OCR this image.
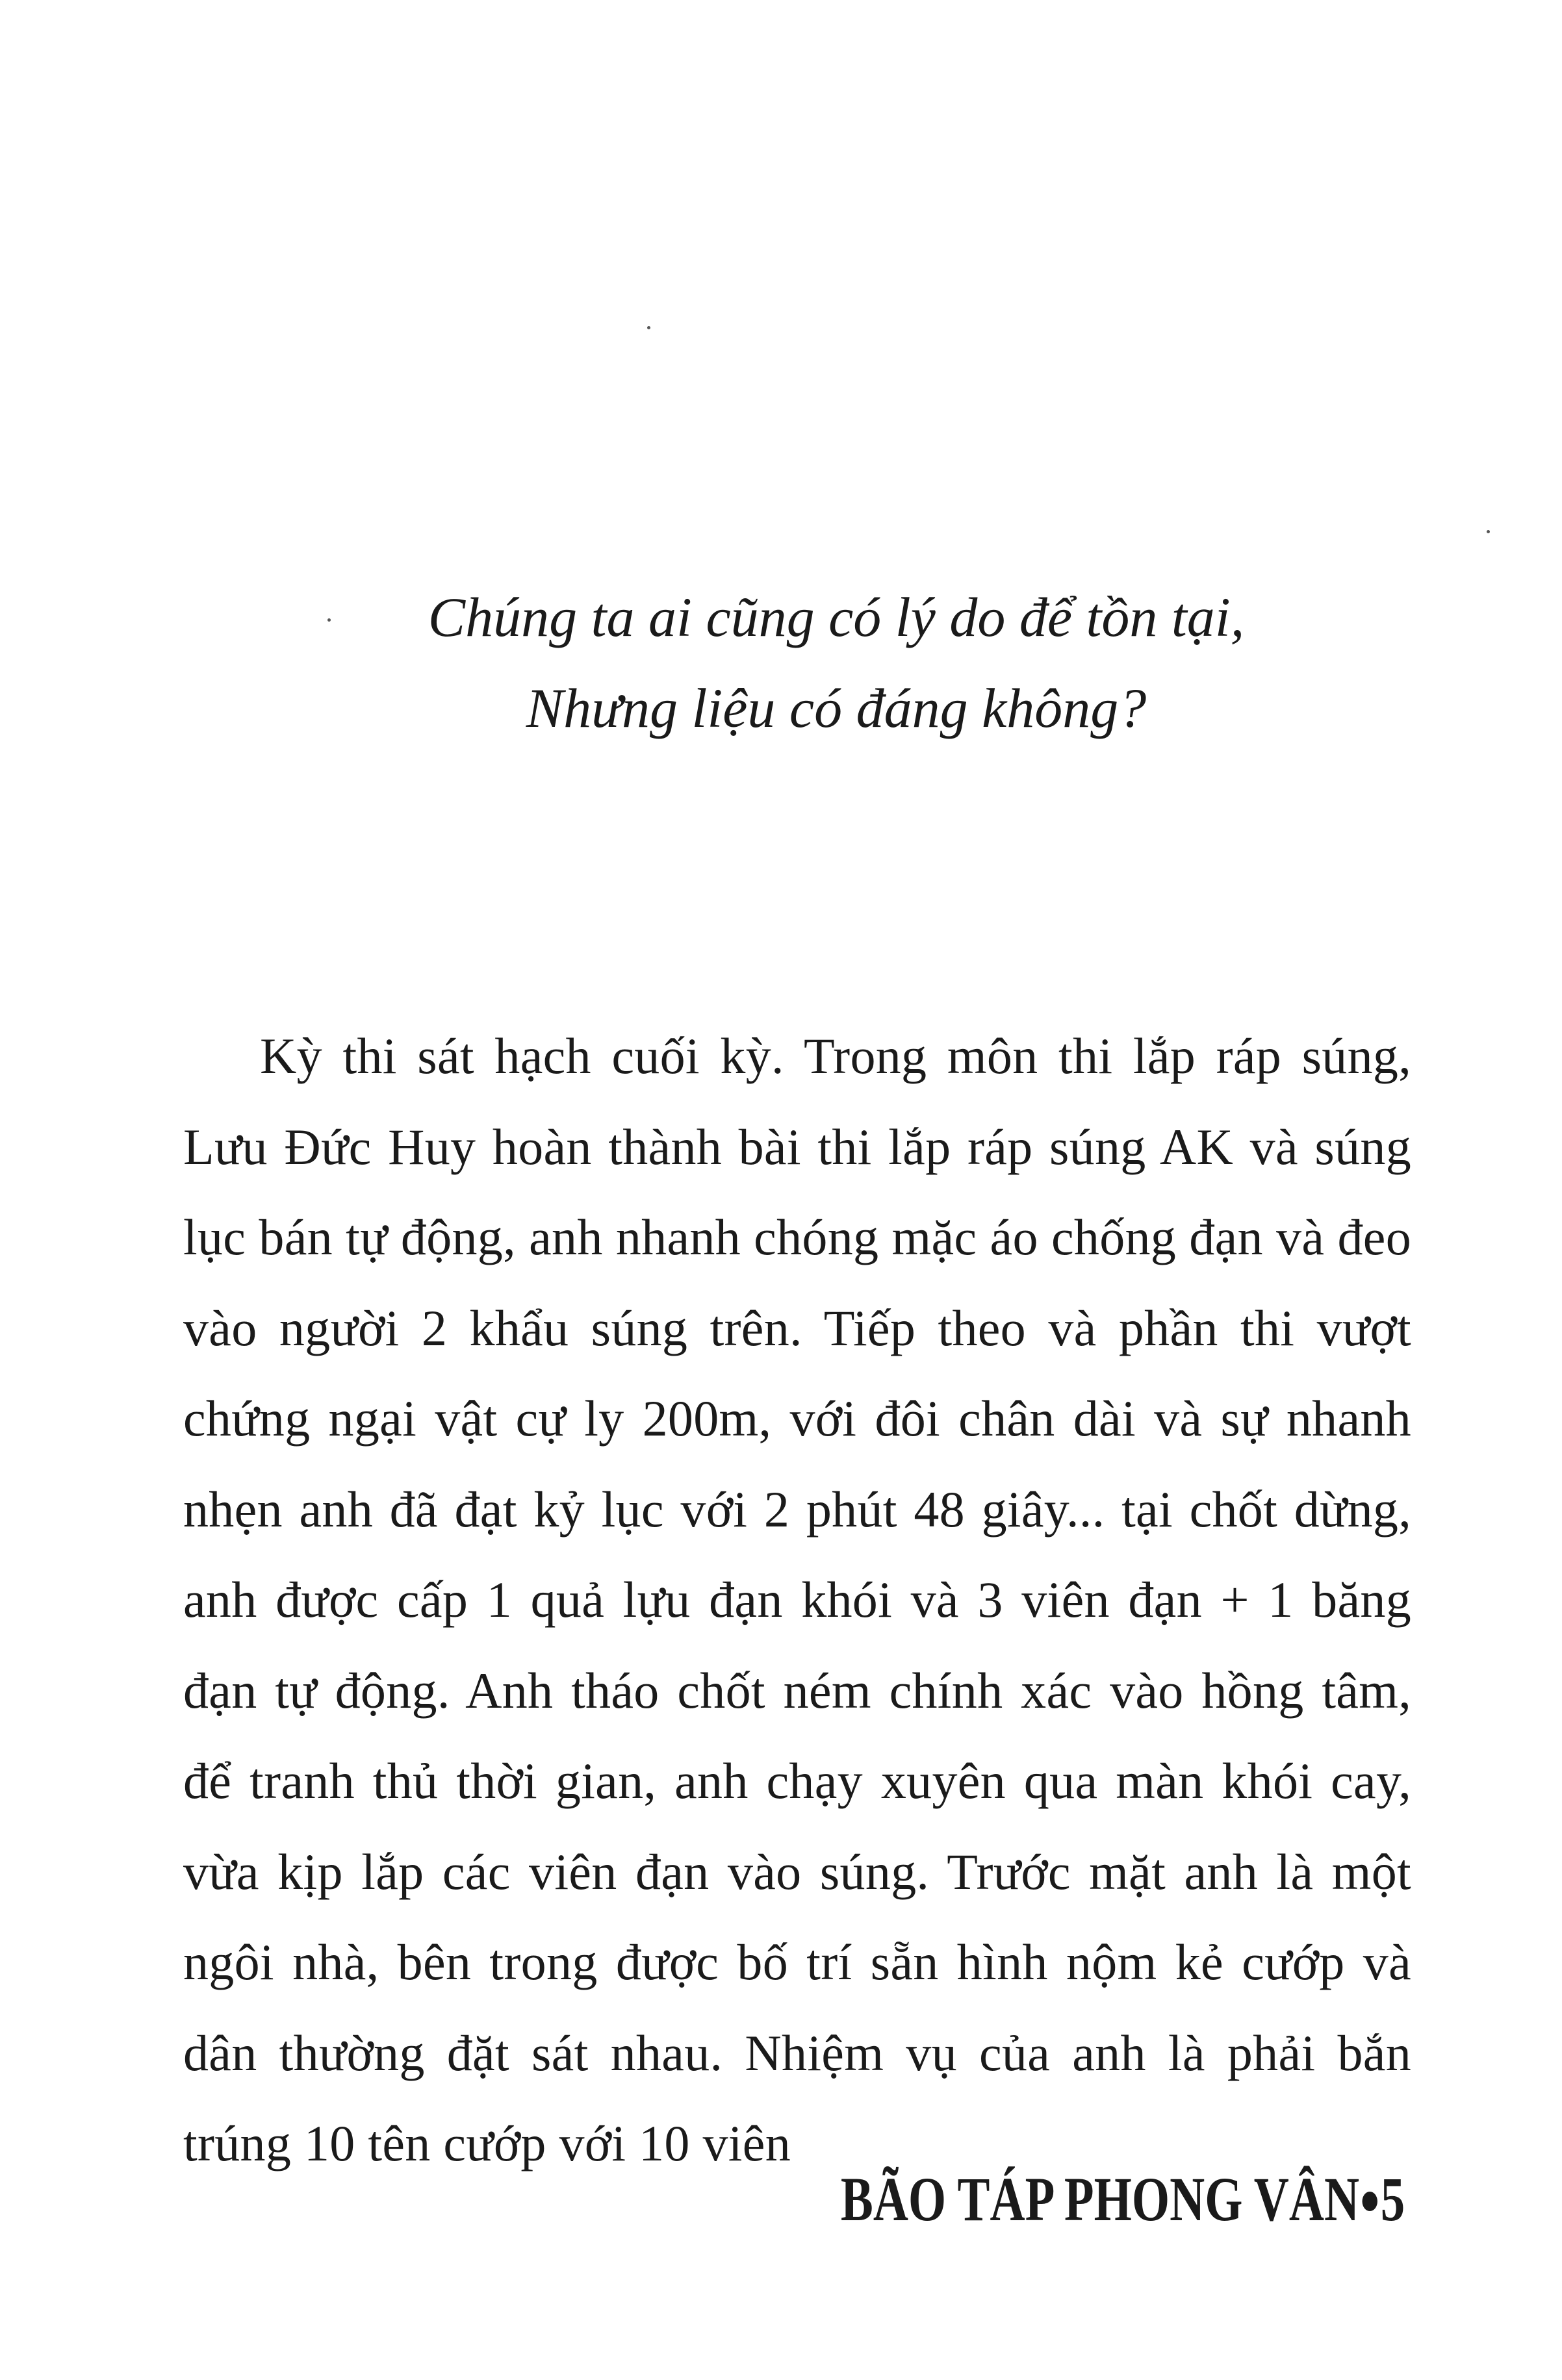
Chúng ta ai cũng có lý do để tồn tại,
Nhưng liệu có đáng không?

Kỳ thi sát hạch cuối kỳ. Trong môn thi lắp ráp súng, Lưu Đức Huy hoàn thành bài thi lắp ráp súng AK và súng lục bán tự động, anh nhanh chóng mặc áo chống đạn và đeo vào người 2 khẩu súng trên. Tiếp theo và phần thi vượt chứng ngại vật cự ly 200m, với đôi chân dài và sự nhanh nhẹn anh đã đạt kỷ lục với 2 phút 48 giây... tại chốt dừng, anh được cấp 1 quả lựu đạn khói và 3 viên đạn + 1 băng đạn tự động. Anh tháo chốt ném chính xác vào hồng tâm, để tranh thủ thời gian, anh chạy xuyên qua màn khói cay, vừa kịp lắp các viên đạn vào súng. Trước mặt anh là một ngôi nhà, bên trong được bố trí sẵn hình nộm kẻ cướp và dân thường đặt sát nhau. Nhiệm vụ của anh là phải bắn trúng 10 tên cướp với 10 viên

BÃO TÁP PHONG VÂN 5
